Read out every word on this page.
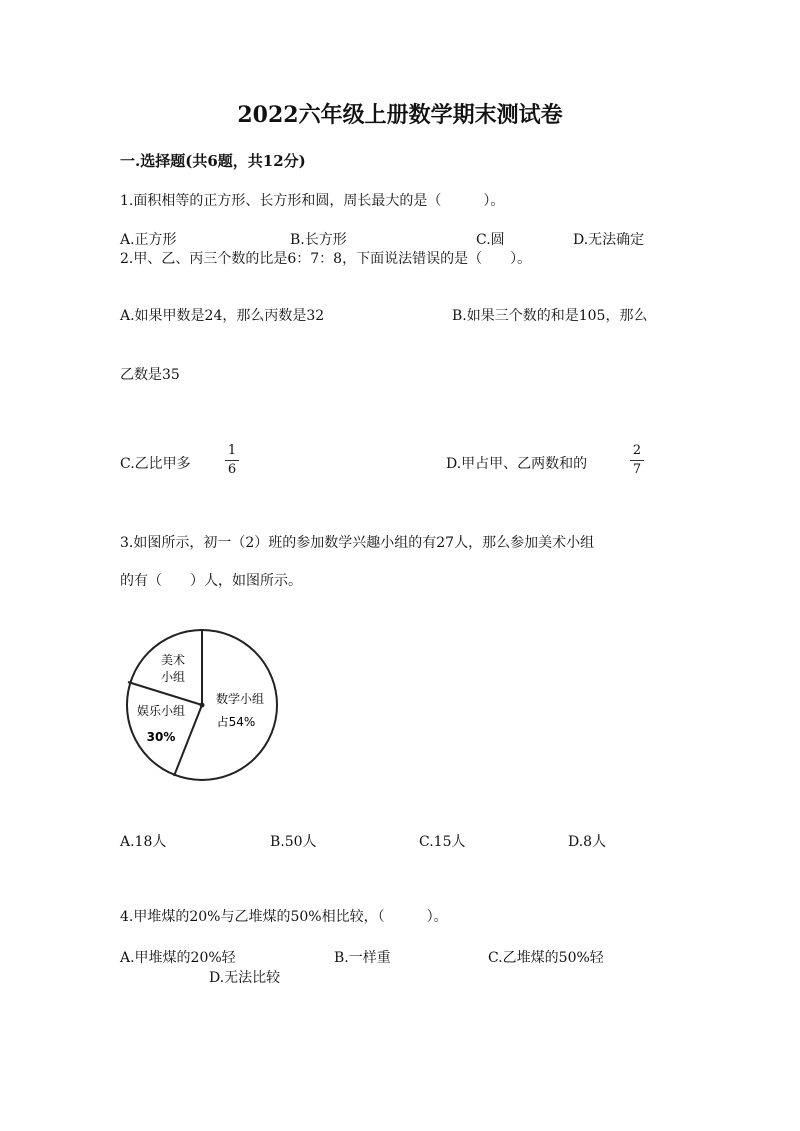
2022六年级上册数学期末测试卷
一.选择题(共6题，共12分)
1.面积相等的正方形、长方形和圆，周长最大的是（　　　）。
A.正方形	B.长方形	C.圆	D.无法确定
2.甲、乙、丙三个数的比是6：7：8，下面说法错误的是（　　）。
A.如果甲数是24，那么丙数是32	B.如果三个数的和是105，那么
乙数是35
C.乙比甲多
1
6	D.甲占甲、乙两数和的
2
7
3.如图所示，初一（2）班的参加数学兴趣小组的有27人，那么参加美术小组
的有（　　）人，如图所示。
美术
小组
娱乐小组
30%
数学小组
占54%
A.18人	B.50人	C.15人	D.8人
4.甲堆煤的20%与乙堆煤的50%相比较，（　　　）。
A.甲堆煤的20%轻	B.一样重	C.乙堆煤的50%轻
D.无法比较
